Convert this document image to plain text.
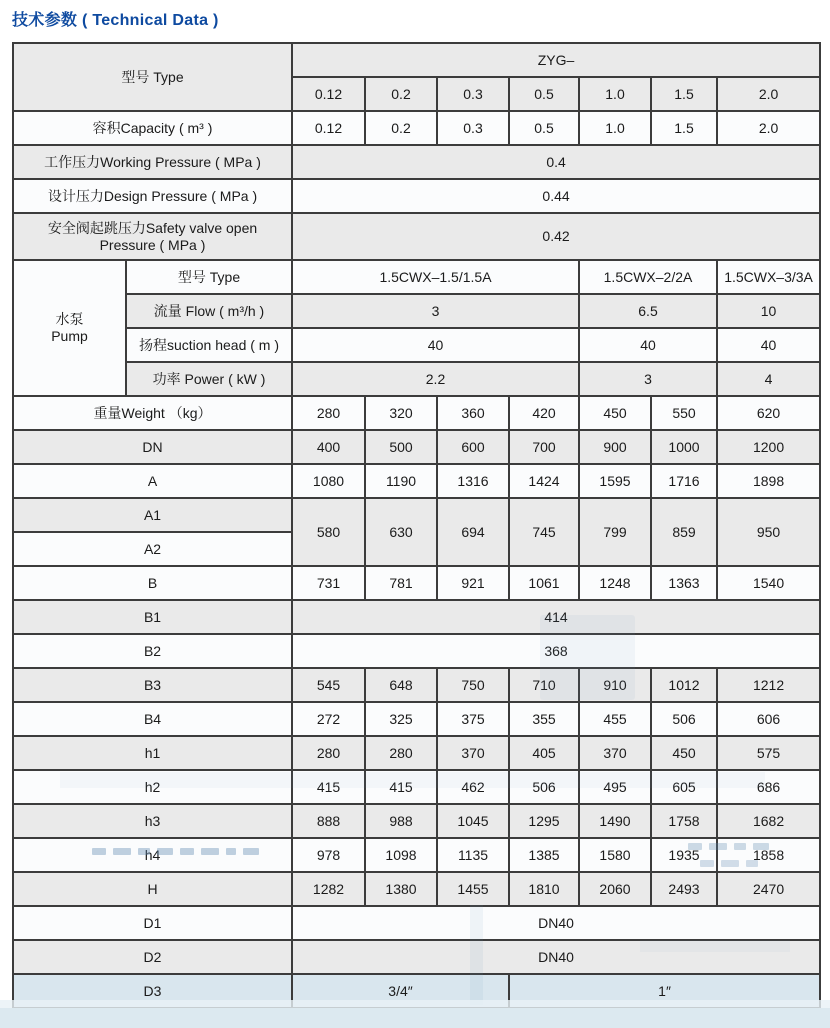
技术参数 ( Technical Data )
型号 Type		ZYG–						
		0.12	0.2	0.3	0.5	1.0	1.5	2.0
容积Capacity ( m³ )		0.12	0.2	0.3	0.5	1.0	1.5	2.0
工作压力Working Pressure ( MPa )		0.4						
设计压力Design Pressure ( MPa )		0.44						
安全阀起跳压力Safety valve open Pressure ( MPa )		0.42						
水泵
Pump	型号 Type	1.5CWX–1.5/1.5A				1.5CWX–2/2A		1.5CWX–3/3A
	流量 Flow ( m³/h )	3				6.5		10
	扬程suction head ( m )	40				40		40
	功率 Power ( kW )	2.2				3		4
重量Weight （kg）		280	320	360	420	450	550	620
DN		400	500	600	700	900	1000	1200
A		1080	1190	1316	1424	1595	1716	1898
A1		580	630	694	745	799	859	950
A2								
B		731	781	921	1061	1248	1363	1540
B1		414						
B2		368						
B3		545	648	750	710	910	1012	1212
B4		272	325	375	355	455	506	606
h1		280	280	370	405	370	450	575
h2		415	415	462	506	495	605	686
h3		888	988	1045	1295	1490	1758	1682
h4		978	1098	1135	1385	1580	1935	1858
H		1282	1380	1455	1810	2060	2493	2470
D1		DN40						
D2		DN40						
D3		3/4″			1″			
